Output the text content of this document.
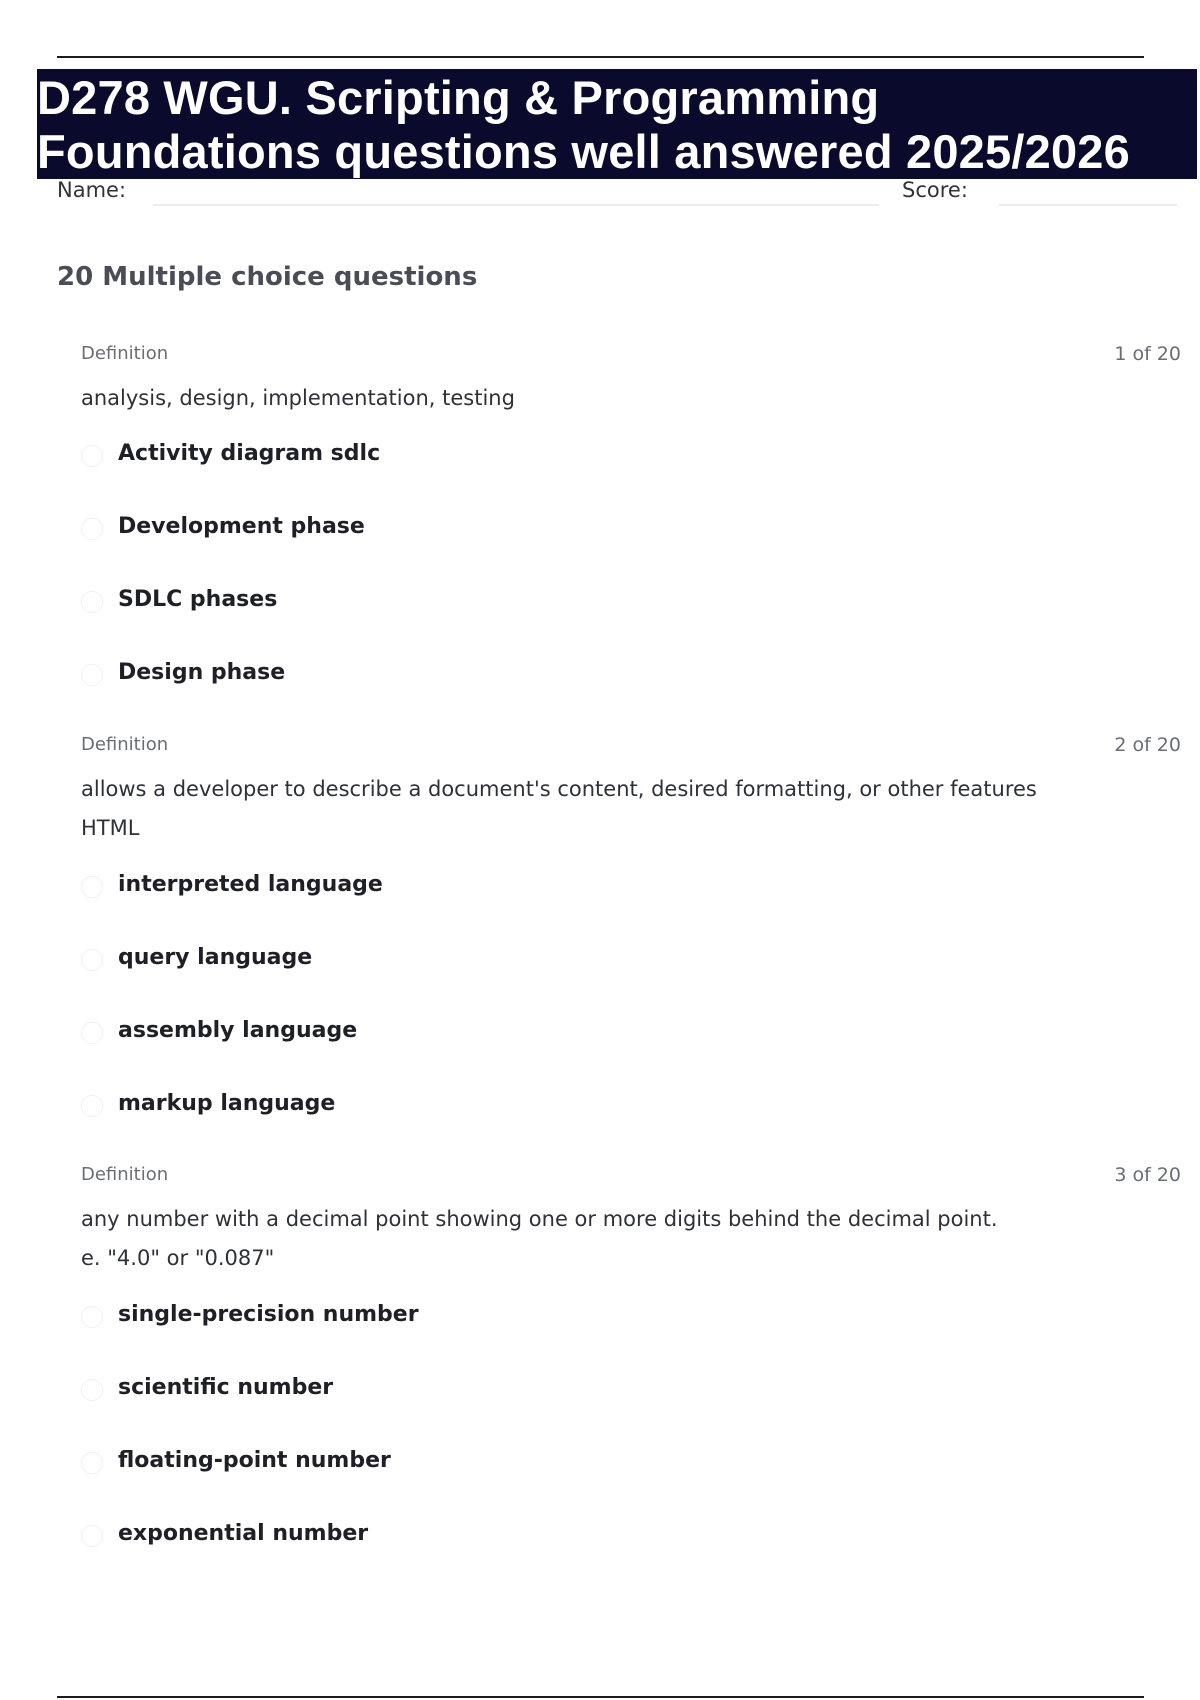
D278 WGU. Scripting & Programming
Foundations questions well answered 2025/2026
Name:	Score:
20 Multiple choice questions
Definition	1 of 20
analysis, design, implementation, testing
Activity diagram sdlc
Development phase
SDLC phases
Design phase
Definition	2 of 20
allows a developer to describe a document's content, desired formatting, or other features
HTML
interpreted language
query language
assembly language
markup language
Definition	3 of 20
any number with a decimal point showing one or more digits behind the decimal point.
e. "4.0" or "0.087"
single-precision number
scientific number
floating-point number
exponential number
